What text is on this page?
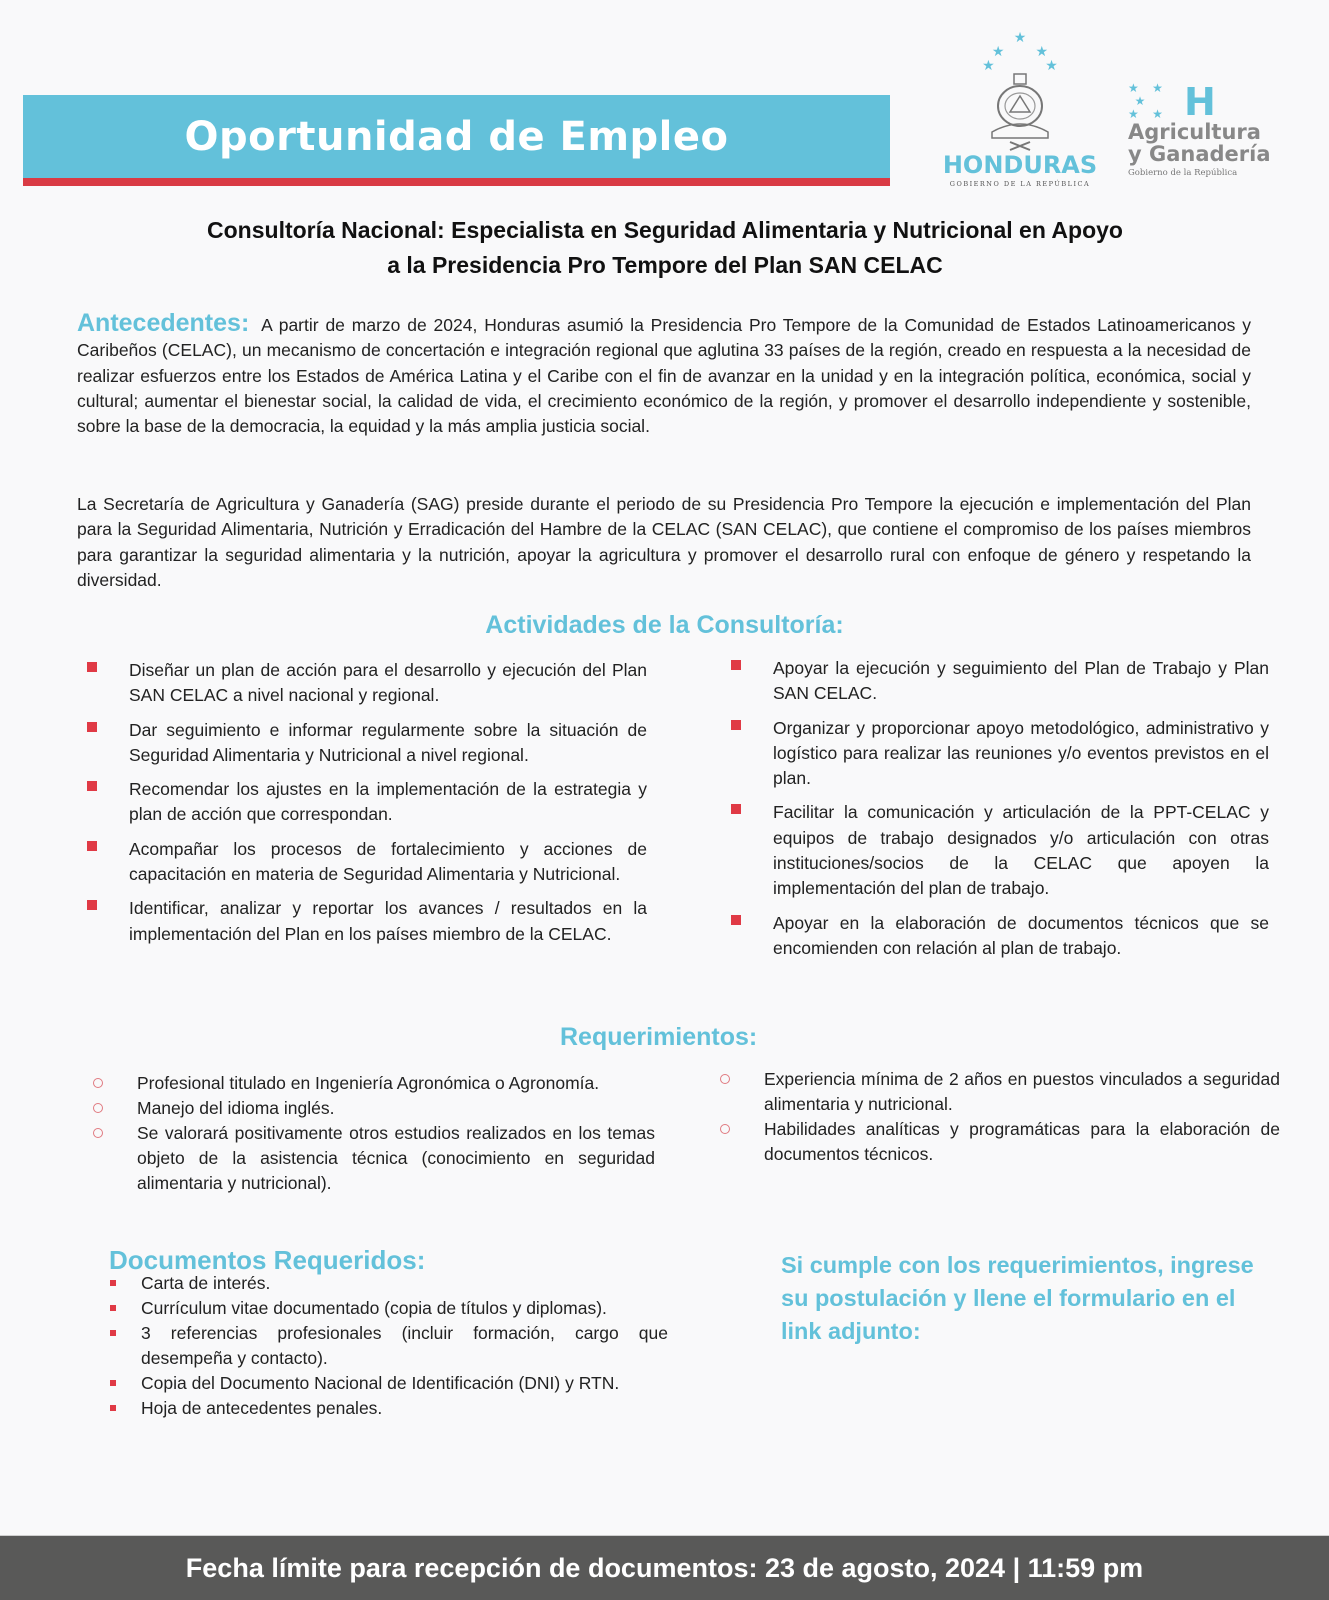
Oportunidad de Empleo
★
★        ★
★             ★
HONDURAS
GOBIERNO DE LA REPÚBLICA
★    ★
★
★    ★ H
Agricultura
y Ganadería
Gobierno de la República
Consultoría Nacional: Especialista en Seguridad Alimentaria y Nutricional en Apoyo
a la Presidencia Pro Tempore del Plan SAN CELAC
Antecedentes: A partir de marzo de 2024, Honduras asumió la Presidencia Pro Tempore de la Comunidad de Estados Latinoamericanos y Caribeños (CELAC), un mecanismo de concertación e integración regional que aglutina 33 países de la región, creado en respuesta a la necesidad de realizar esfuerzos entre los Estados de América Latina y el Caribe con el fin de avanzar en la unidad y en la integración política, económica, social y cultural; aumentar el bienestar social, la calidad de vida, el crecimiento económico de la región, y promover el desarrollo independiente y sostenible, sobre la base de la democracia, la equidad y la más amplia justicia social.
La Secretaría de Agricultura y Ganadería (SAG) preside durante el periodo de su Presidencia Pro Tempore la ejecución e implementación del Plan para la Seguridad Alimentaria, Nutrición y Erradicación del Hambre de la CELAC (SAN CELAC), que contiene el compromiso de los países miembros para garantizar la seguridad alimentaria y la nutrición, apoyar la agricultura y promover el desarrollo rural con enfoque de género y respetando la diversidad.
Actividades de la Consultoría:
Diseñar un plan de acción para el desarrollo y ejecución del Plan SAN CELAC a nivel nacional y regional.
Dar seguimiento e informar regularmente sobre la situación de Seguridad Alimentaria y Nutricional a nivel regional.
Recomendar los ajustes en la implementación de la estrategia y plan de acción que correspondan.
Acompañar los procesos de fortalecimiento y acciones de capacitación en materia de Seguridad Alimentaria y Nutricional.
Identificar, analizar y reportar los avances / resultados en la implementación del Plan en los países miembro de la CELAC.
Apoyar la ejecución y seguimiento del Plan de Trabajo y Plan SAN CELAC.
Organizar y proporcionar apoyo metodológico, administrativo y logístico para realizar las reuniones y/o eventos previstos en el plan.
Facilitar la comunicación y articulación de la PPT-CELAC y equipos de trabajo designados y/o articulación con otras instituciones/socios de la CELAC que apoyen la implementación del plan de trabajo.
Apoyar en la elaboración de documentos técnicos que se encomienden con relación al plan de trabajo.
Requerimientos:
Profesional titulado en Ingeniería Agronómica o Agronomía.
Manejo del idioma inglés.
Se valorará positivamente otros estudios realizados en los temas objeto de la asistencia técnica (conocimiento en seguridad alimentaria y nutricional).
Experiencia mínima de 2 años en puestos vinculados a seguridad alimentaria y nutricional.
Habilidades analíticas y programáticas para la elaboración de documentos técnicos.
Documentos Requeridos:
Carta de interés.
Currículum vitae documentado (copia de títulos y diplomas).
3 referencias profesionales (incluir formación, cargo que desempeña y contacto).
Copia del Documento Nacional de Identificación (DNI) y RTN.
Hoja de antecedentes penales.
Si cumple con los requerimientos, ingrese su postulación y llene el formulario en el link adjunto:
Fecha límite para recepción de documentos: 23 de agosto, 2024 | 11:59 pm
